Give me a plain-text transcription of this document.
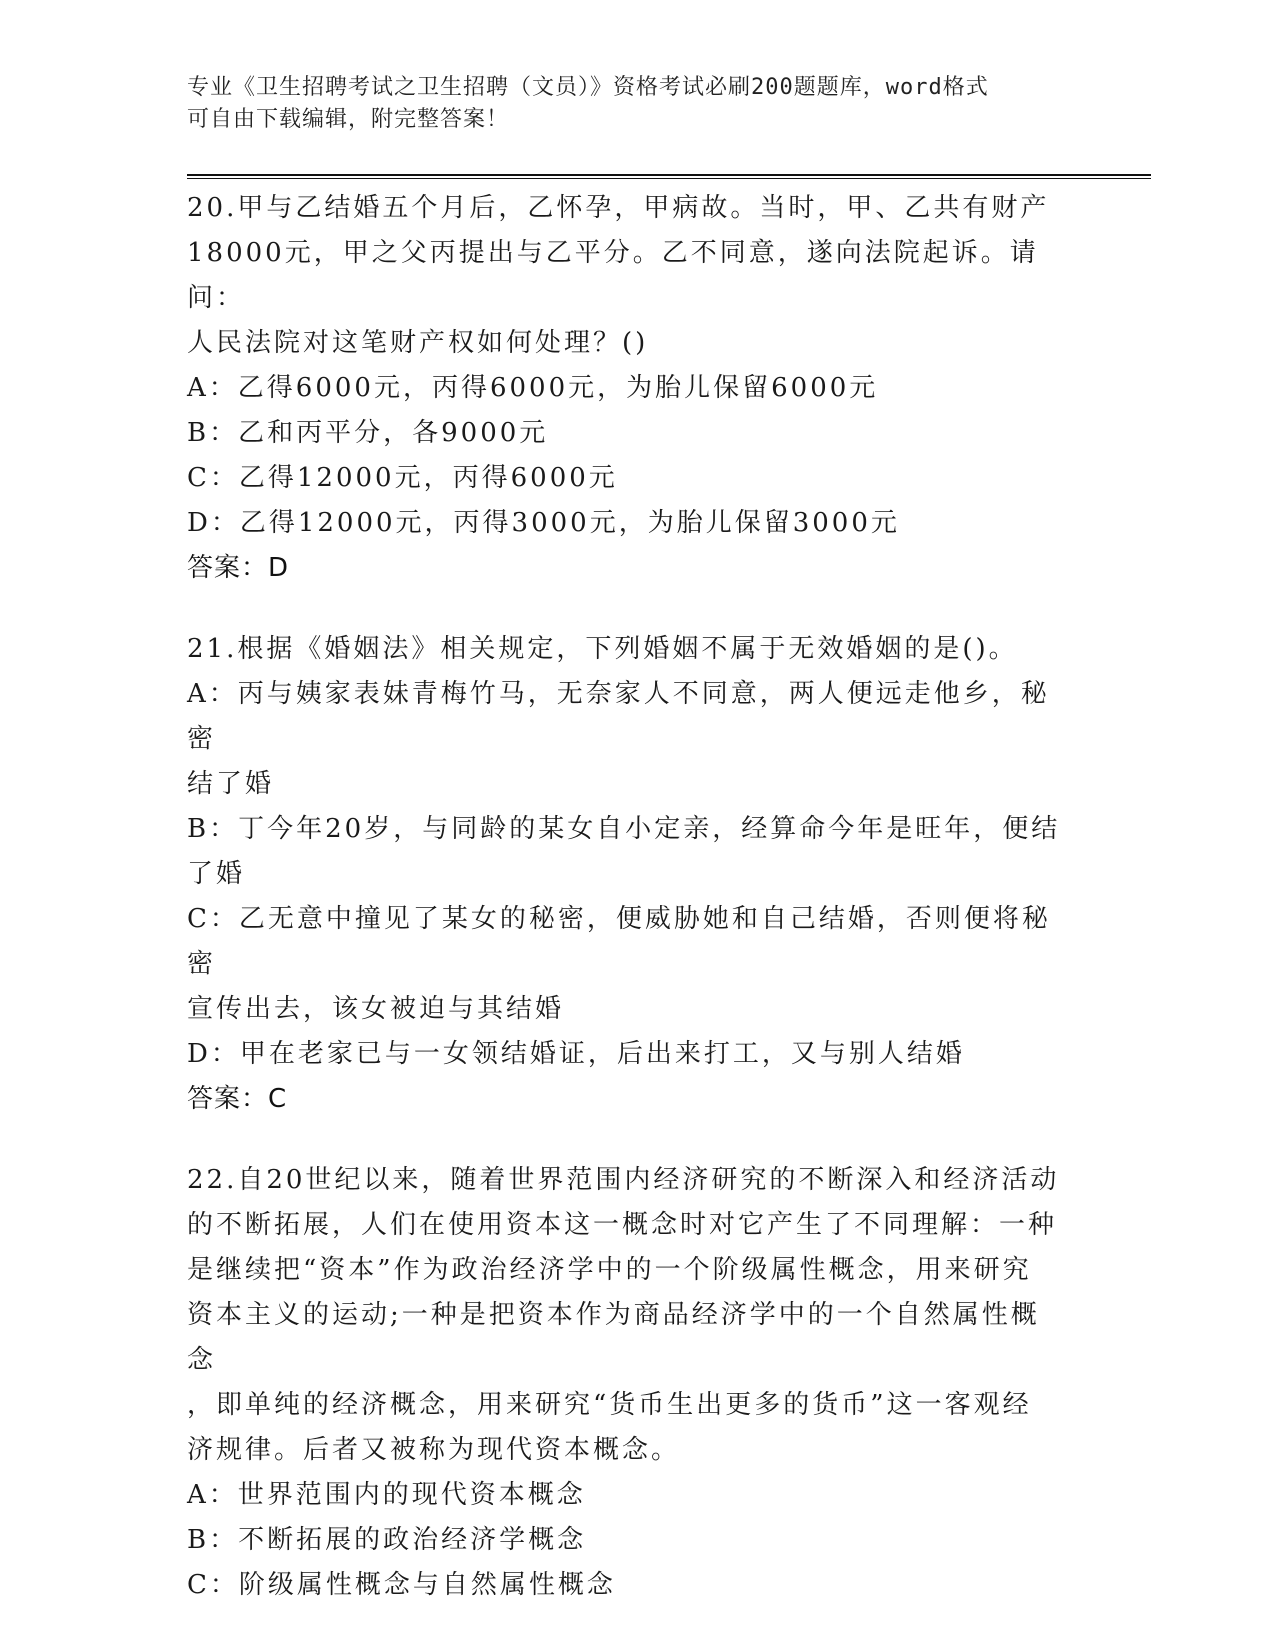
专业《卫生招聘考试之卫生招聘（文员）》资格考试必刷200题题库，word格式
可自由下载编辑，附完整答案！
20.甲与乙结婚五个月后，乙怀孕，甲病故。当时，甲、乙共有财产
18000元，甲之父丙提出与乙平分。乙不同意，遂向法院起诉。请问：
人民法院对这笔财产权如何处理？()
A：乙得6000元，丙得6000元，为胎儿保留6000元
B：乙和丙平分，各9000元
C：乙得12000元，丙得6000元
D：乙得12000元，丙得3000元，为胎儿保留3000元
答案：D
21.根据《婚姻法》相关规定，下列婚姻不属于无效婚姻的是()。
A：丙与姨家表妹青梅竹马，无奈家人不同意，两人便远走他乡，秘密
结了婚
B：丁今年20岁，与同龄的某女自小定亲，经算命今年是旺年，便结
了婚
C：乙无意中撞见了某女的秘密，便威胁她和自己结婚，否则便将秘密
宣传出去，该女被迫与其结婚
D：甲在老家已与一女领结婚证，后出来打工，又与别人结婚
答案：C
22.自20世纪以来，随着世界范围内经济研究的不断深入和经济活动
的不断拓展，人们在使用资本这一概念时对它产生了不同理解：一种
是继续把“资本”作为政治经济学中的一个阶级属性概念，用来研究
资本主义的运动;一种是把资本作为商品经济学中的一个自然属性概念
，即单纯的经济概念，用来研究“货币生出更多的货币”这一客观经
济规律。后者又被称为现代资本概念。
A：世界范围内的现代资本概念
B：不断拓展的政治经济学概念
C：阶级属性概念与自然属性概念
